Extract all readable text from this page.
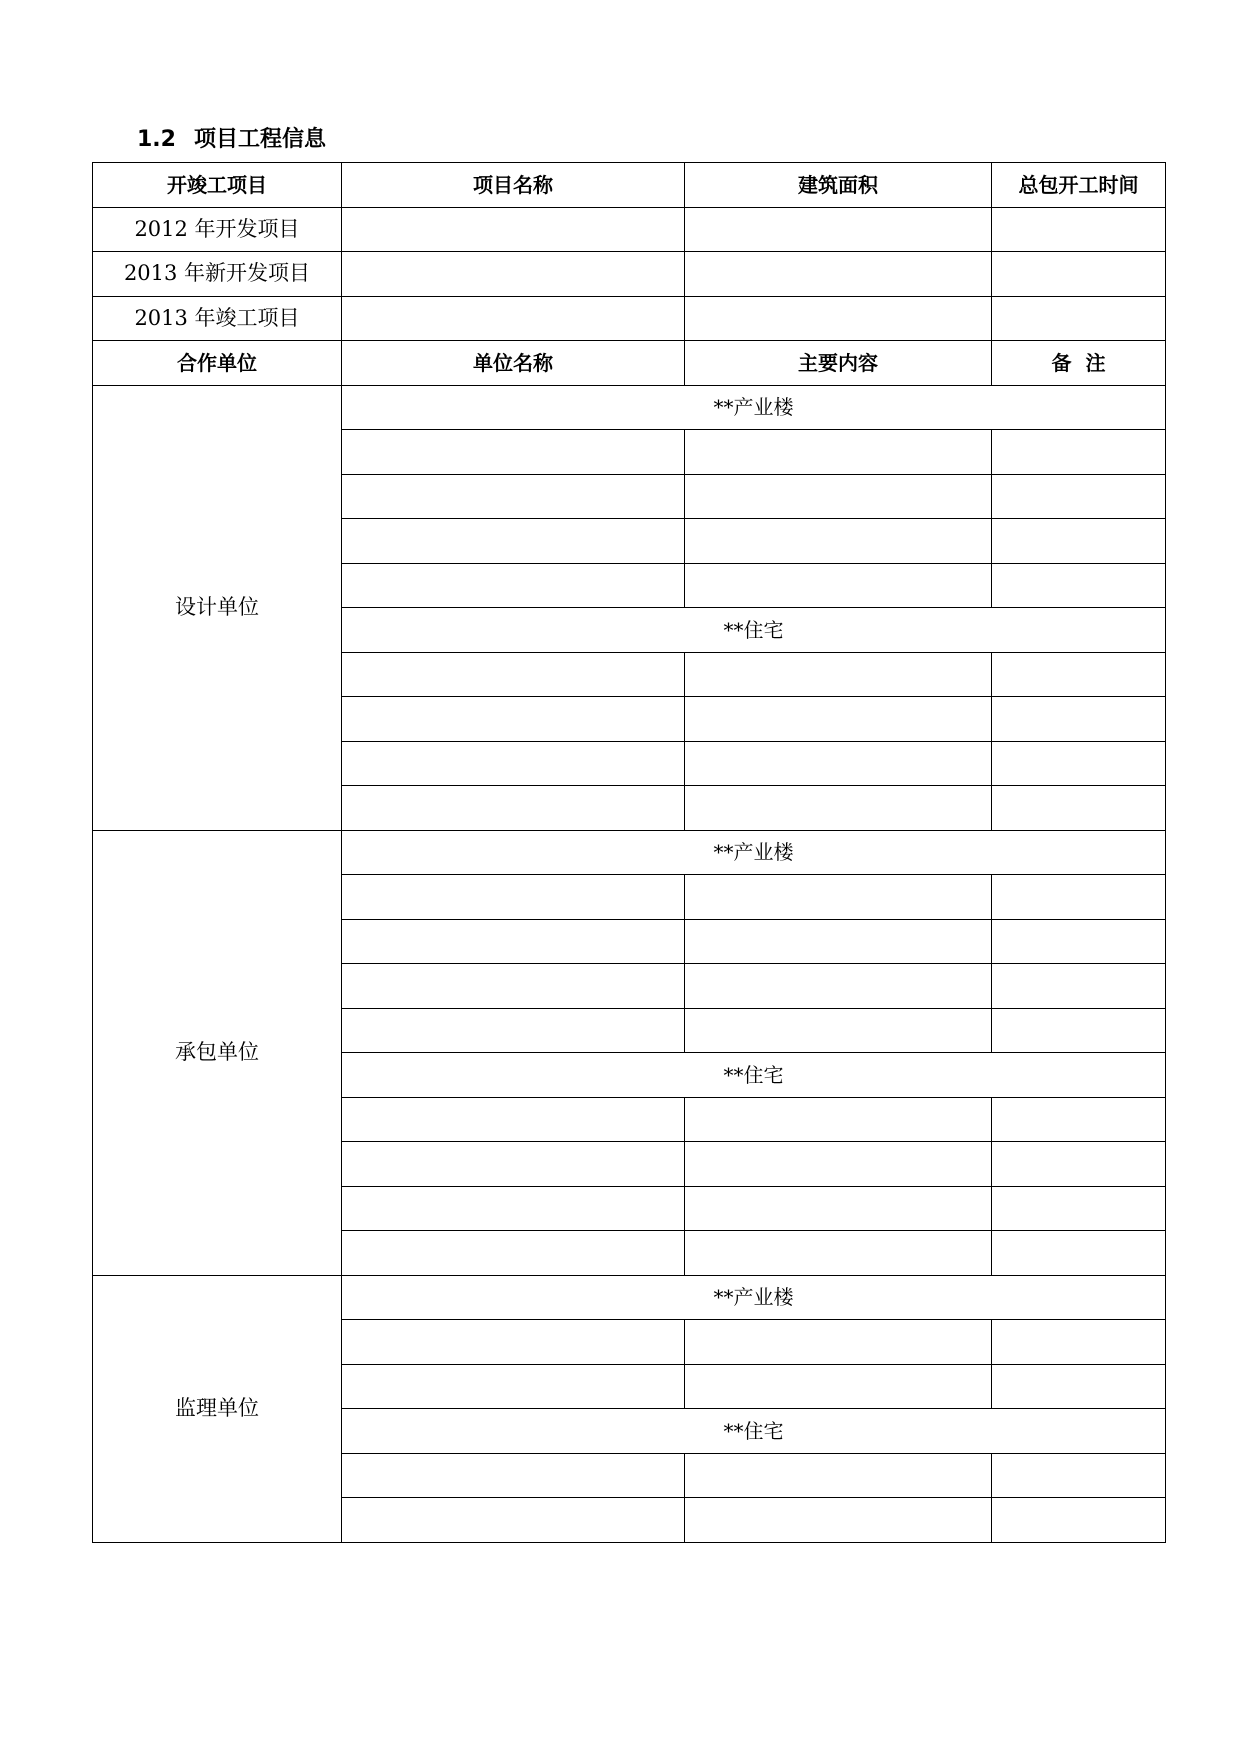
1.2 项目工程信息
开竣工项目	项目名称	建筑面积	总包开工时间
2012 年开发项目			
2013 年新开发项目			
2013 年竣工项目			
合作单位	单位名称	主要内容	备  注
设计单位	**产业楼		

	**住宅		

承包单位	**产业楼		

	**住宅		

监理单位	**产业楼		

	**住宅		
